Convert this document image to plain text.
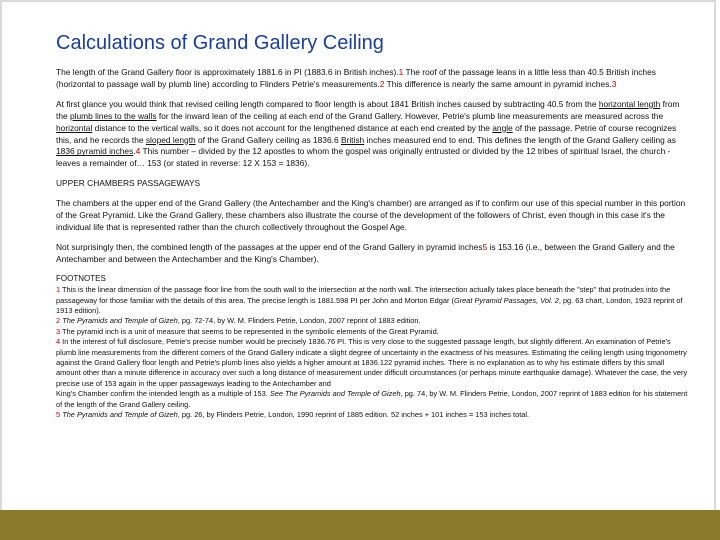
Calculations of Grand Gallery Ceiling

The length of the Grand Gallery floor is approximately 1881.6 in PI (1883.6 in British inches).1 The roof of the passage leans in a little less than 40.5 British inches (horizontal to passage wall by plumb line) according to Flinders Petrie's measurements.2 This difference is nearly the same amount in pyramid inches.3

At first glance you would think that revised ceiling length compared to floor length is about 1841 British inches caused by subtracting 40.5 from the horizontal length from the plumb lines to the walls for the inward lean of the ceiling at each end of the Grand Gallery. However, Petrie's plumb line measurements are measured across the horizontal distance to the vertical walls, so it does not account for the lengthened distance at each end created by the angle of the passage. Petrie of course recognizes this, and he records the sloped length of the Grand Gallery ceiling as 1836.6 British inches measured end to end. This defines the length of the Grand Gallery ceiling as 1836 pyramid inches.4 This number – divided by the 12 apostles to whom the gospel was originally entrusted or divided by the 12 tribes of spiritual Israel, the church - leaves a remainder of… 153 (or stated in reverse: 12 X 153 = 1836).

UPPER CHAMBERS PASSAGEWAYS

The chambers at the upper end of the Grand Gallery (the Antechamber and the King's chamber) are arranged as if to confirm our use of this special number in this portion of the Great Pyramid. Like the Grand Gallery, these chambers also illustrate the course of the development of the followers of Christ, even though in this case it's the individual life that is represented rather than the church collectively throughout the Gospel Age.

Not surprisingly then, the combined length of the passages at the upper end of the Grand Gallery in pyramid inches5 is 153.16 (i.e., between the Grand Gallery and the Antechamber and between the Antechamber and the King's Chamber).

FOOTNOTES
1 This is the linear dimension of the passage floor line from the south wall to the intersection at the north wall. The intersection actually takes place beneath the "step" that protrudes into the passageway for those familiar with the details of this area. The precise length is 1881.598 PI per John and Morton Edgar (Great Pyramid Passages, Vol. 2, pg. 63 chart, London, 1923 reprint of 1913 edition).
2 The Pyramids and Temple of Gizeh, pg. 72-74, by W. M. Flinders Petrie, London, 2007 reprint of 1883 edition.
3 The pyramid inch is a unit of measure that seems to be represented in the symbolic elements of the Great Pyramid.
4 In the interest of full disclosure, Petrie's precise number would be precisely 1836.76 PI. This is very close to the suggested passage length, but slightly different. An examination of Petrie's plumb line measurements from the different corners of the Grand Gallery indicate a slight degree of uncertainty in the exactness of his measures. Estimating the ceiling length using trigonometry against the Grand Gallery floor length and Petrie's plumb lines also yields a higher amount at 1836.122 pyramid inches. There is no explanation as to why his estimate differs by this small amount other than a minute difference in accuracy over such a long distance of measurement under difficult circumstances (or perhaps minute earthquake damage). Whatever the case, the very precise use of 153 again in the upper passageways leading to the Antechamber and
King's Chamber confirm the intended length as a multiple of 153. See The Pyramids and Temple of Gizeh, pg. 74, by W. M. Flinders Petrie, London, 2007 reprint of 1883 edition for his statement of the length of the Grand Gallery ceiling.
5 The Pyramids and Temple of Gizeh, pg. 26, by Flinders Petrie, London, 1990 reprint of 1885 edition. 52 inches + 101 inches = 153 inches total.
